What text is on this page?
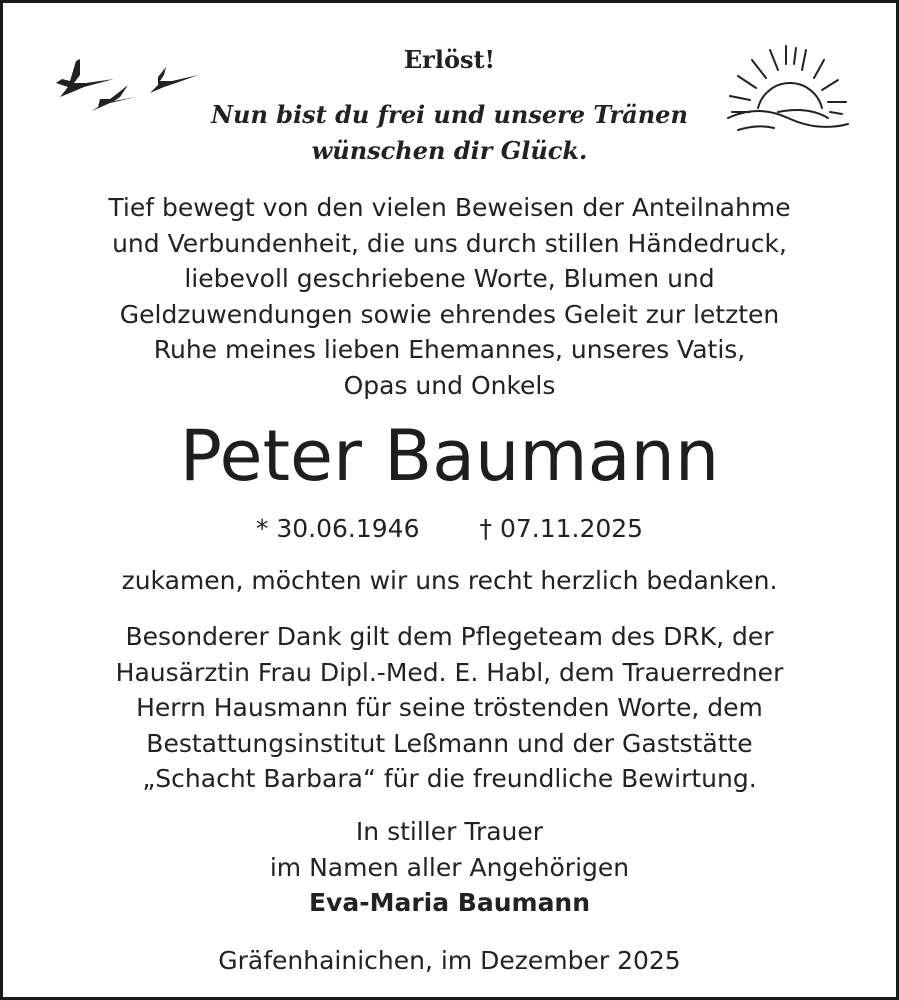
Erlöst!
Nun bist du frei und unsere Tränen
wünschen dir Glück.
Tief bewegt von den vielen Beweisen der Anteilnahme
und Verbundenheit, die uns durch stillen Händedruck,
liebevoll geschriebene Worte, Blumen und
Geldzuwendungen sowie ehrendes Geleit zur letzten
Ruhe meines lieben Ehemannes, unseres Vatis,
Opas und Onkels
Peter Baumann
* 30.06.1946 † 07.11.2025
zukamen, möchten wir uns recht herzlich bedanken.
Besonderer Dank gilt dem Pflegeteam des DRK, der
Hausärztin Frau Dipl.-Med. E. Habl, dem Trauerredner
Herrn Hausmann für seine tröstenden Worte, dem
Bestattungsinstitut Leßmann und der Gaststätte
„Schacht Barbara“ für die freundliche Bewirtung.
In stiller Trauer
im Namen aller Angehörigen
Eva-Maria Baumann
Gräfenhainichen, im Dezember 2025
